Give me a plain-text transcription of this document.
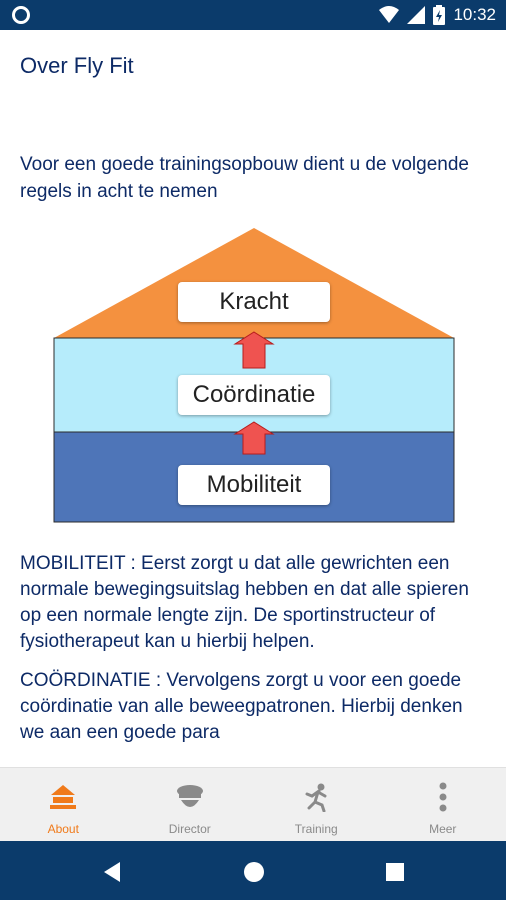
10:32
Over Fly Fit
Voor een goede trainingsopbouw dient u de volgende regels in acht te nemen
Kracht
Coördinatie
Mobiliteit

MOBILITEIT : Eerst zorgt u dat alle gewrichten een normale bewegingsuitslag hebben en dat alle spieren op een normale lengte zijn. De sportinstructeur of fysiotherapeut kan u hierbij helpen.

COÖRDINATIE : Vervolgens zorgt u voor een goede coördinatie van alle beweegpatronen. Hierbij denken we aan een goede para

About	Director	Training	Meer
